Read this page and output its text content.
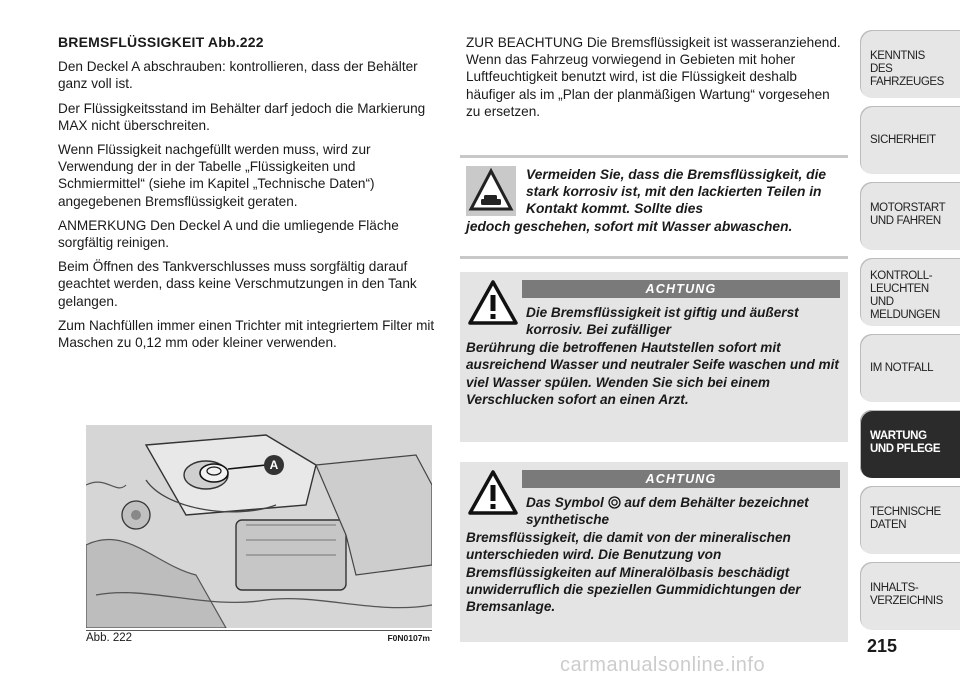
BREMSFLÜSSIGKEIT Abb.222

Den Deckel A abschrauben: kontrollieren, dass der Behälter ganz voll ist.

Der Flüssigkeitsstand im Behälter darf jedoch die Markierung MAX nicht überschreiten.

Wenn Flüssigkeit nachgefüllt werden muss, wird zur Verwendung der in der Tabelle „Flüssigkeiten und Schmiermittel“ (siehe im Kapitel „Technische Daten“) angegebenen Bremsflüssigkeit geraten.

ANMERKUNG Den Deckel A und die umliegende Fläche sorgfältig reinigen.

Beim Öffnen des Tankverschlusses muss sorgfältig darauf geachtet werden, dass keine Verschmutzungen in den Tank gelangen.

Zum Nachfüllen immer einen Trichter mit integriertem Filter mit Maschen zu 0,12 mm oder kleiner verwenden.

ZUR BEACHTUNG Die Bremsflüssigkeit ist wasseranziehend. Wenn das Fahrzeug vorwiegend in Gebieten mit hoher Luftfeuchtigkeit benutzt wird, ist die Flüssigkeit deshalb häufiger als im „Plan der planmäßigen Wartung“ vorgesehen zu ersetzen.

Vermeiden Sie, dass die Bremsflüssigkeit, die stark korrosiv ist, mit den lackierten Teilen in Kontakt kommt. Sollte dies
jedoch geschehen, sofort mit Wasser abwaschen.
ACHTUNG
Die Bremsflüssigkeit ist giftig und äußerst korrosiv. Bei zufälliger
Berührung die betroffenen Hautstellen sofort mit ausreichend Wasser und neutraler Seife waschen und mit viel Wasser spülen. Wenden Sie sich bei einem Verschlucken sofort an einen Arzt.
ACHTUNG
Das Symbol auf dem Behälter bezeichnet synthetische
Bremsflüssigkeit, die damit von der mineralischen unterschieden wird. Die Benutzung von Bremsflüssigkeiten auf Mineralölbasis beschädigt unwiderruflich die speziellen Gummidichtungen der Bremsanlage.
A
Abb. 222	F0N0107m
KENNTNIS
DES FAHRZEUGES
SICHERHEIT
MOTORSTART
UND FAHREN
KONTROLL-
LEUCHTEN
UND MELDUNGEN
IM NOTFALL
WARTUNG
UND PFLEGE
TECHNISCHE
DATEN
INHALTS-
VERZEICHNIS
215
carmanualsonline.info
